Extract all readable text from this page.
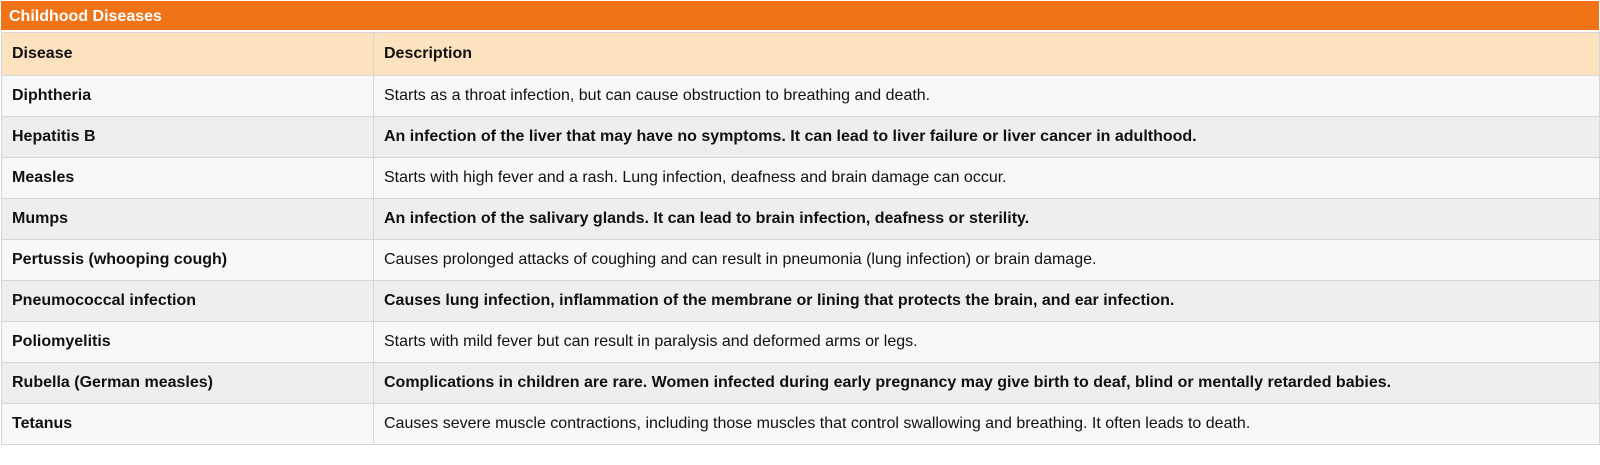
Childhood Diseases
Disease	Description
Diphtheria	Starts as a throat infection, but can cause obstruction to breathing and death.
Hepatitis B	An infection of the liver that may have no symptoms. It can lead to liver failure or liver cancer in adulthood.
Measles	Starts with high fever and a rash. Lung infection, deafness and brain damage can occur.
Mumps	An infection of the salivary glands. It can lead to brain infection, deafness or sterility.
Pertussis (whooping cough)	Causes prolonged attacks of coughing and can result in pneumonia (lung infection) or brain damage.
Pneumococcal infection	Causes lung infection, inflammation of the membrane or lining that protects the brain, and ear infection.
Poliomyelitis	Starts with mild fever but can result in paralysis and deformed arms or legs.
Rubella (German measles)	Complications in children are rare. Women infected during early pregnancy may give birth to deaf, blind or mentally retarded babies.
Tetanus	Causes severe muscle contractions, including those muscles that control swallowing and breathing. It often leads to death.
